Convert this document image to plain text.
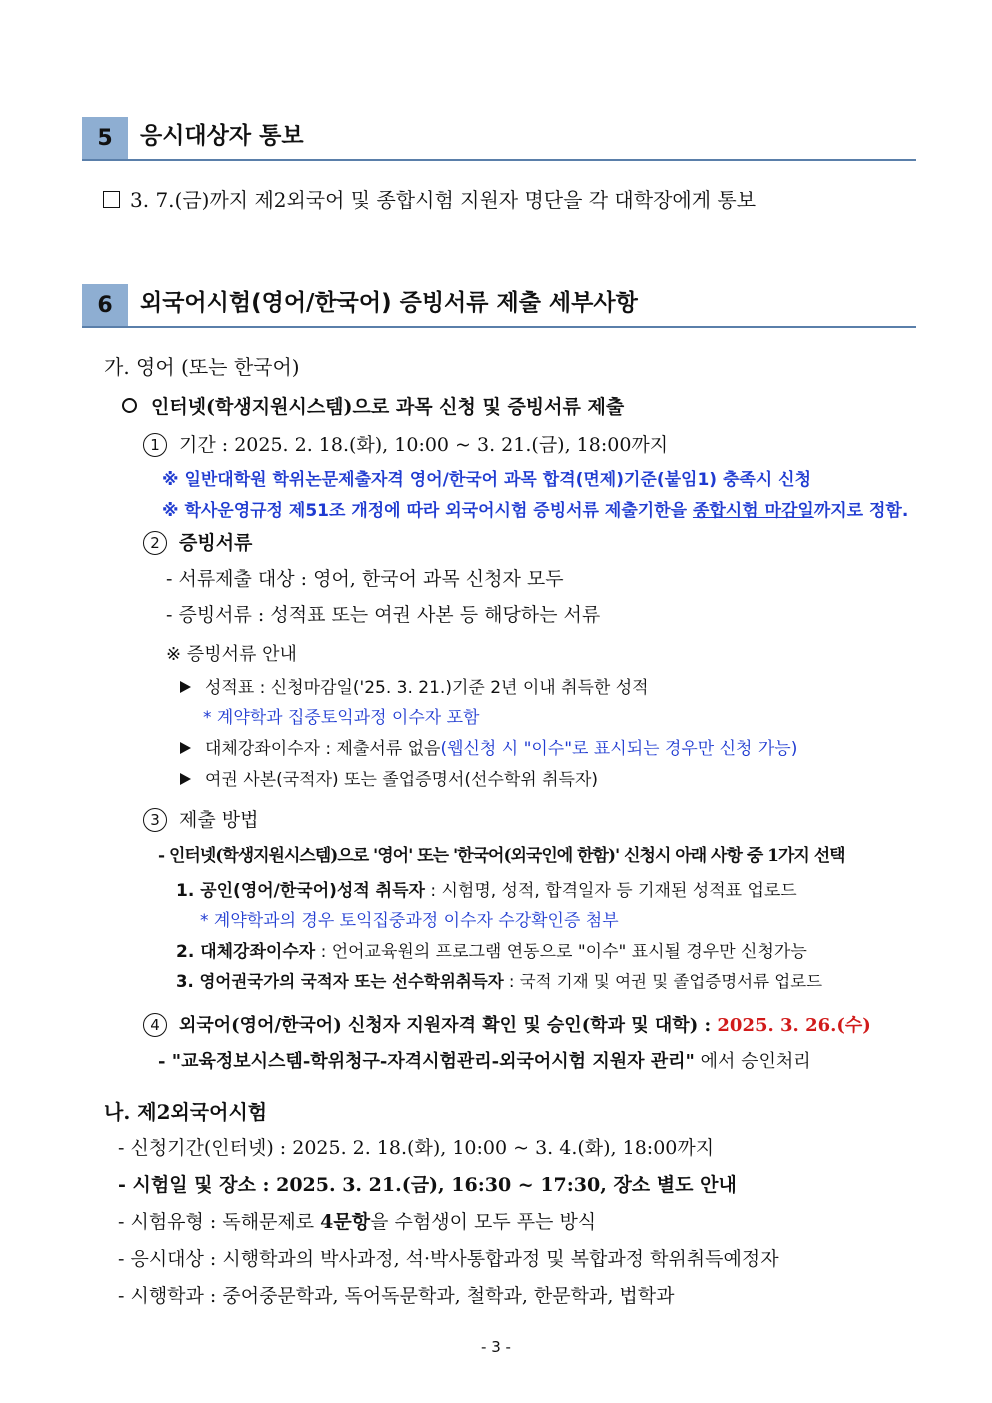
5	응시대상자 통보
3. 7.(금)까지 제2외국어 및 종합시험 지원자 명단을 각 대학장에게 통보
6	외국어시험(영어/한국어) 증빙서류 제출 세부사항
가. 영어 (또는 한국어)
인터넷(학생지원시스템)으로 과목 신청 및 증빙서류 제출
1 기간 : 2025. 2. 18.(화), 10:00 ~ 3. 21.(금), 18:00까지
※ 일반대학원 학위논문제출자격 영어/한국어 과목 합격(면제)기준(붙임1) 충족시 신청
※ 학사운영규정 제51조 개정에 따라 외국어시험 증빙서류 제출기한을 종합시험 마감일까지로 정함.
2 증빙서류
- 서류제출 대상 : 영어, 한국어 과목 신청자 모두
- 증빙서류 : 성적표 또는 여권 사본 등 해당하는 서류
※ 증빙서류 안내
성적표 : 신청마감일('25. 3. 21.)기준 2년 이내 취득한 성적
* 계약학과 집중토익과정 이수자 포함
대체강좌이수자 : 제출서류 없음(웹신청 시 "이수"로 표시되는 경우만 신청 가능)
여권 사본(국적자) 또는 졸업증명서(선수학위 취득자)
3 제출 방법
- 인터넷(학생지원시스템)으로 '영어' 또는 '한국어(외국인에 한함)' 신청시 아래 사항 중 1가지 선택
1. 공인(영어/한국어)성적 취득자 : 시험명, 성적, 합격일자 등 기재된 성적표 업로드
* 계약학과의 경우 토익집중과정 이수자 수강확인증 첨부
2. 대체강좌이수자 : 언어교육원의 프로그램 연동으로 "이수" 표시될 경우만 신청가능
3. 영어권국가의 국적자 또는 선수학위취득자 : 국적 기재 및 여권 및 졸업증명서류 업로드
4 외국어(영어/한국어) 신청자 지원자격 확인 및 승인(학과 및 대학) : 2025. 3. 26.(수)
- "교육정보시스템-학위청구-자격시험관리-외국어시험 지원자 관리" 에서 승인처리
나. 제2외국어시험
- 신청기간(인터넷) : 2025. 2. 18.(화), 10:00 ~ 3. 4.(화), 18:00까지
- 시험일 및 장소 : 2025. 3. 21.(금), 16:30 ~ 17:30, 장소 별도 안내
- 시험유형 : 독해문제로 4문항을 수험생이 모두 푸는 방식
- 응시대상 : 시행학과의 박사과정, 석·박사통합과정 및 복합과정 학위취득예정자
- 시행학과 : 중어중문학과, 독어독문학과, 철학과, 한문학과, 법학과
- 3 -
